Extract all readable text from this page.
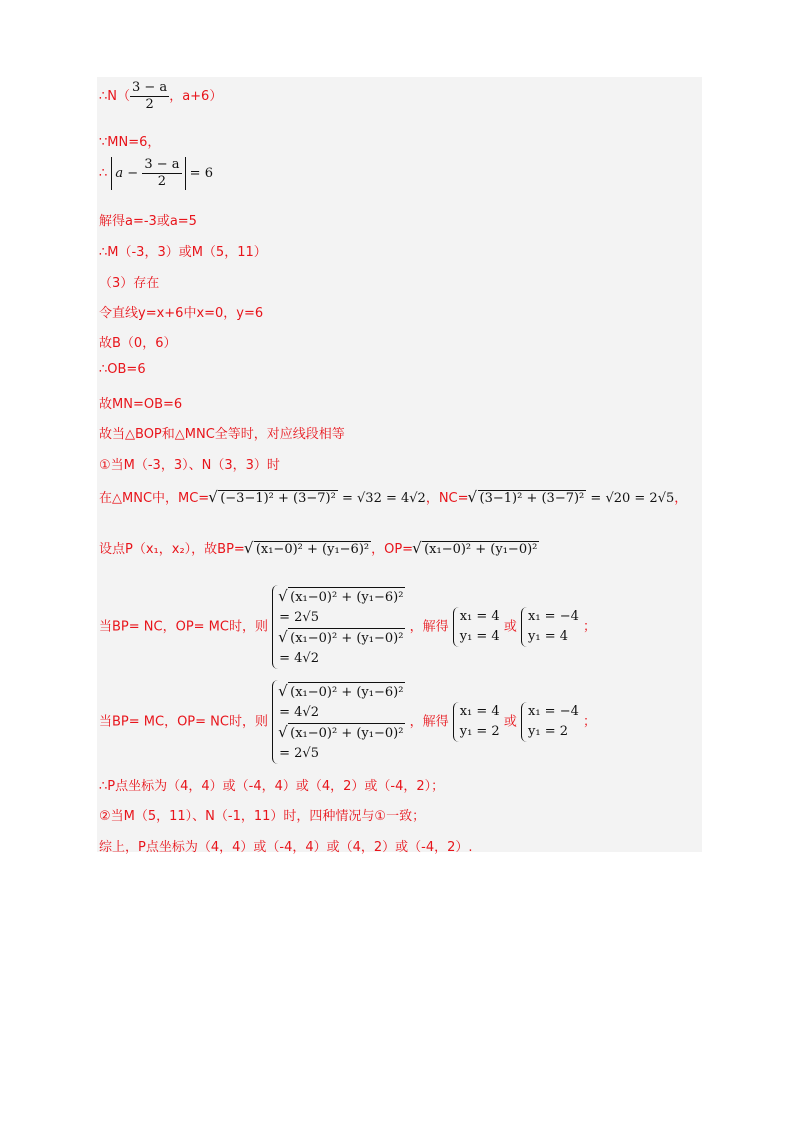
∴N（ $\frac{3 - a}{2}$ ，a+6）
∵MN=6，
∴ $a - \frac{3 - a}{2} = 6$
解得a=-3或a=5
∴M（-3，3）或M（5，11）
（3）存在
令直线y=x+6中x=0，y=6
故B（0，6）
∴OB=6
故MN=OB=6
故当△BOP和△MNC全等时，对应线段相等
①当M（-3，3）、N（3，3）时
在△MNC中，MC= √ (−3−1)² + (3−7)² = √32 = 4√2，NC= √ (3−1)² + (3−7)² = √20 = 2√5，
设点P（x₁，x₂），故BP= √ (x₁−0)² + (y₁−6)² ，OP= √ (x₁−0)² + (y₁−0)²
当BP= NC，OP= MC时，则
√ (x₁−0)² + (y₁−6)²
= 2√5
√ (x₁−0)² + (y₁−0)²
= 4√2
，解得
x₁ = 4
y₁ = 4
或
x₁ = −4
y₁ = 4
；
当BP= MC，OP= NC时，则
√ (x₁−0)² + (y₁−6)²
= 4√2
√ (x₁−0)² + (y₁−0)²
= 2√5
，解得
x₁ = 4
y₁ = 2
或
x₁ = −4
y₁ = 2
；
∴P点坐标为（4，4）或（-4，4）或（4，2）或（-4，2）；
②当M（5，11）、N（-1，11）时，四种情况与①一致；
综上，P点坐标为（4，4）或（-4，4）或（4，2）或（-4，2）.
